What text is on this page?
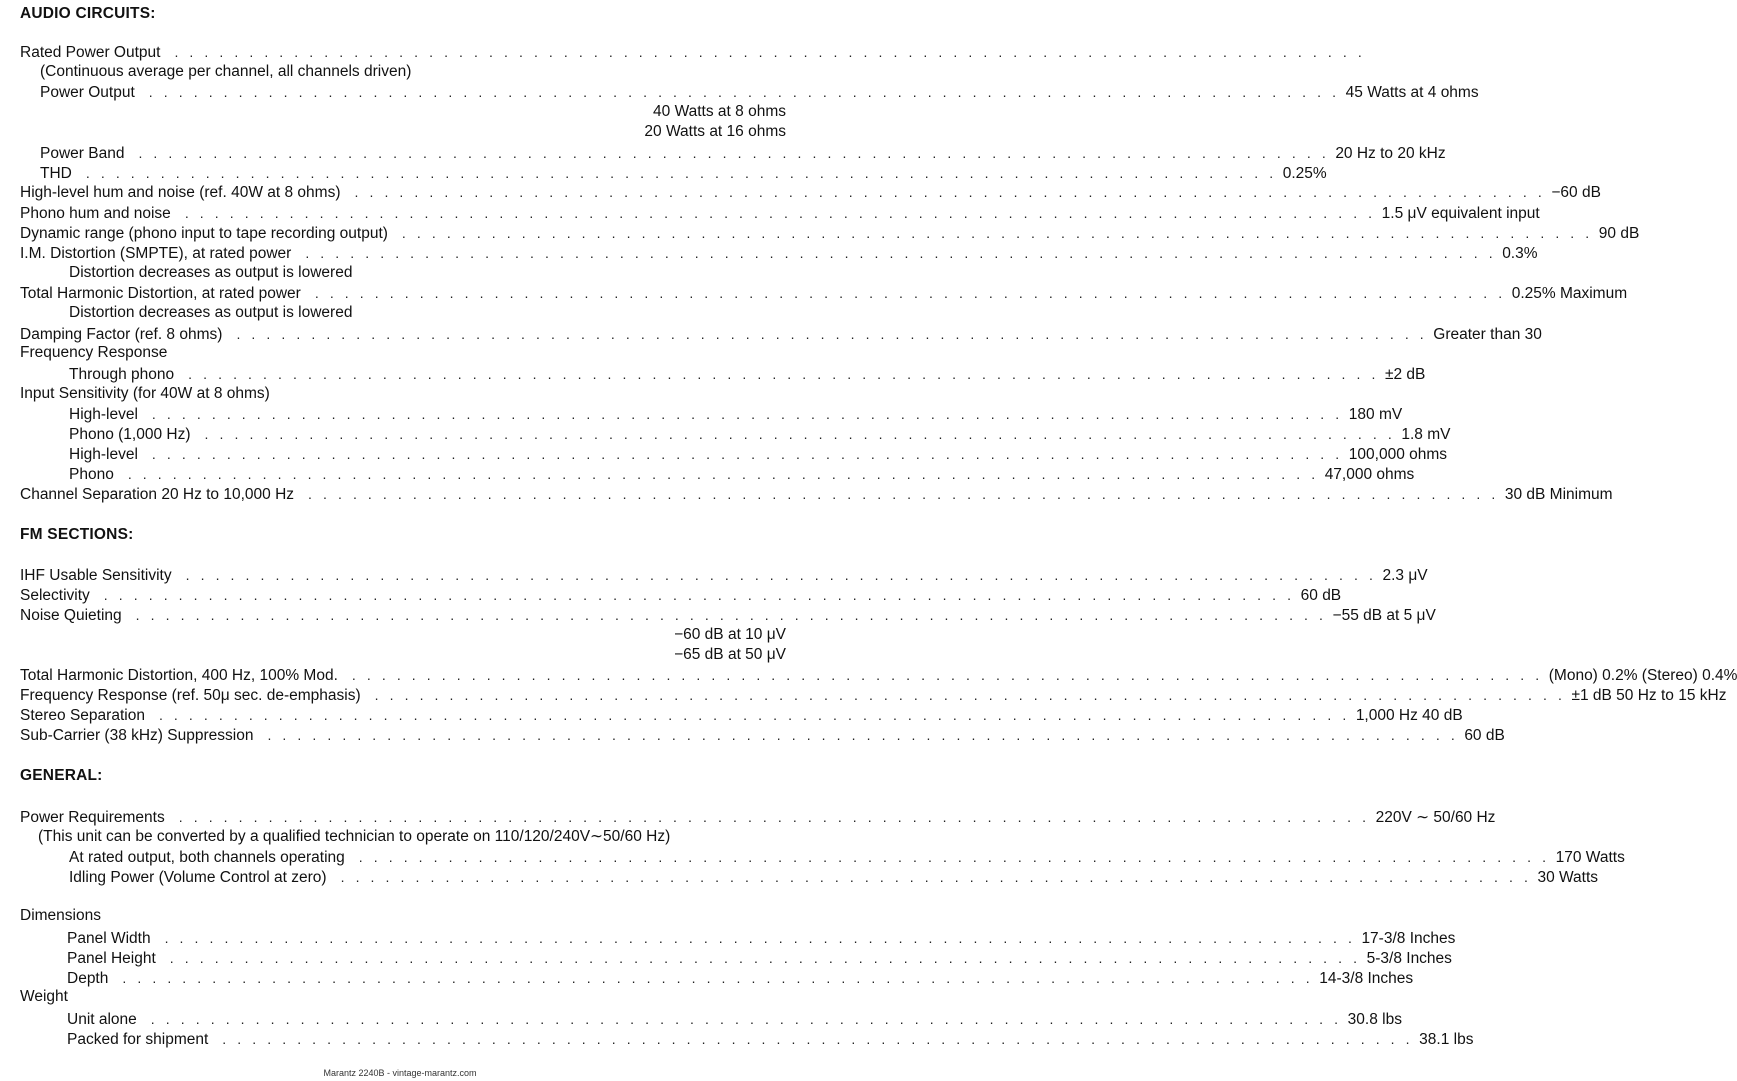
AUDIO CIRCUITS:
Rated Power Output	. . . . . . . . . . . . . . . . . . . . . . . . . . . . . . . . . . . . . . . . . . . . . . . . . . . . . . . . . . . . . . . . . . . . . . . . . . . . . . . .
(Continuous average per channel, all channels driven)
Power Output	. . . . . . . . . . . . . . . . . . . . . . . . . . . . . . . . . . . . . . . . . . . . . . . . . . . . . . . . . . . . . . . . . . . . . . . . . . . . . . . . 45 Watts at 4 ohms
40 Watts at 8 ohms
20 Watts at 16 ohms
Power Band	. . . . . . . . . . . . . . . . . . . . . . . . . . . . . . . . . . . . . . . . . . . . . . . . . . . . . . . . . . . . . . . . . . . . . . . . . . . . . . . . 20 Hz to 20 kHz
THD	. . . . . . . . . . . . . . . . . . . . . . . . . . . . . . . . . . . . . . . . . . . . . . . . . . . . . . . . . . . . . . . . . . . . . . . . . . . . . . . . 0.25%
High-level hum and noise (ref. 40W at 8 ohms)	. . . . . . . . . . . . . . . . . . . . . . . . . . . . . . . . . . . . . . . . . . . . . . . . . . . . . . . . . . . . . . . . . . . . . . . . . . . . . . . . −60 dB
Phono hum and noise	. . . . . . . . . . . . . . . . . . . . . . . . . . . . . . . . . . . . . . . . . . . . . . . . . . . . . . . . . . . . . . . . . . . . . . . . . . . . . . . . 1.5 μV equivalent input
Dynamic range (phono input to tape recording output)	. . . . . . . . . . . . . . . . . . . . . . . . . . . . . . . . . . . . . . . . . . . . . . . . . . . . . . . . . . . . . . . . . . . . . . . . . . . . . . . . 90 dB
I.M. Distortion (SMPTE), at rated power	. . . . . . . . . . . . . . . . . . . . . . . . . . . . . . . . . . . . . . . . . . . . . . . . . . . . . . . . . . . . . . . . . . . . . . . . . . . . . . . . 0.3%
Distortion decreases as output is lowered
Total Harmonic Distortion, at rated power	. . . . . . . . . . . . . . . . . . . . . . . . . . . . . . . . . . . . . . . . . . . . . . . . . . . . . . . . . . . . . . . . . . . . . . . . . . . . . . . . 0.25% Maximum
Distortion decreases as output is lowered
Damping Factor (ref. 8 ohms)	. . . . . . . . . . . . . . . . . . . . . . . . . . . . . . . . . . . . . . . . . . . . . . . . . . . . . . . . . . . . . . . . . . . . . . . . . . . . . . . . Greater than 30
Frequency Response
Through phono	. . . . . . . . . . . . . . . . . . . . . . . . . . . . . . . . . . . . . . . . . . . . . . . . . . . . . . . . . . . . . . . . . . . . . . . . . . . . . . . . ±2 dB
Input Sensitivity (for 40W at 8 ohms)
High-level	. . . . . . . . . . . . . . . . . . . . . . . . . . . . . . . . . . . . . . . . . . . . . . . . . . . . . . . . . . . . . . . . . . . . . . . . . . . . . . . . 180 mV
Phono (1,000 Hz)	. . . . . . . . . . . . . . . . . . . . . . . . . . . . . . . . . . . . . . . . . . . . . . . . . . . . . . . . . . . . . . . . . . . . . . . . . . . . . . . . 1.8 mV
High-level	. . . . . . . . . . . . . . . . . . . . . . . . . . . . . . . . . . . . . . . . . . . . . . . . . . . . . . . . . . . . . . . . . . . . . . . . . . . . . . . . 100,000 ohms
Phono	. . . . . . . . . . . . . . . . . . . . . . . . . . . . . . . . . . . . . . . . . . . . . . . . . . . . . . . . . . . . . . . . . . . . . . . . . . . . . . . . 47,000 ohms
Channel Separation 20 Hz to 10,000 Hz	. . . . . . . . . . . . . . . . . . . . . . . . . . . . . . . . . . . . . . . . . . . . . . . . . . . . . . . . . . . . . . . . . . . . . . . . . . . . . . . . 30 dB Minimum
FM SECTIONS:
IHF Usable Sensitivity	. . . . . . . . . . . . . . . . . . . . . . . . . . . . . . . . . . . . . . . . . . . . . . . . . . . . . . . . . . . . . . . . . . . . . . . . . . . . . . . . 2.3 μV
Selectivity	. . . . . . . . . . . . . . . . . . . . . . . . . . . . . . . . . . . . . . . . . . . . . . . . . . . . . . . . . . . . . . . . . . . . . . . . . . . . . . . . 60 dB
Noise Quieting	. . . . . . . . . . . . . . . . . . . . . . . . . . . . . . . . . . . . . . . . . . . . . . . . . . . . . . . . . . . . . . . . . . . . . . . . . . . . . . . . −55 dB at 5 μV
−60 dB at 10 μV
−65 dB at 50 μV
Total Harmonic Distortion, 400 Hz, 100% Mod.	. . . . . . . . . . . . . . . . . . . . . . . . . . . . . . . . . . . . . . . . . . . . . . . . . . . . . . . . . . . . . . . . . . . . . . . . . . . . . . . . (Mono) 0.2% (Stereo) 0.4%
Frequency Response (ref. 50μ sec. de-emphasis)	. . . . . . . . . . . . . . . . . . . . . . . . . . . . . . . . . . . . . . . . . . . . . . . . . . . . . . . . . . . . . . . . . . . . . . . . . . . . . . . . ±1 dB 50 Hz to 15 kHz
Stereo Separation	. . . . . . . . . . . . . . . . . . . . . . . . . . . . . . . . . . . . . . . . . . . . . . . . . . . . . . . . . . . . . . . . . . . . . . . . . . . . . . . . 1,000 Hz 40 dB
Sub-Carrier (38 kHz) Suppression	. . . . . . . . . . . . . . . . . . . . . . . . . . . . . . . . . . . . . . . . . . . . . . . . . . . . . . . . . . . . . . . . . . . . . . . . . . . . . . . . 60 dB
GENERAL:
Power Requirements	. . . . . . . . . . . . . . . . . . . . . . . . . . . . . . . . . . . . . . . . . . . . . . . . . . . . . . . . . . . . . . . . . . . . . . . . . . . . . . . . 220V ∼ 50/60 Hz
(This unit can be converted by a qualified technician to operate on 110/120/240V∼50/60 Hz)
At rated output, both channels operating	. . . . . . . . . . . . . . . . . . . . . . . . . . . . . . . . . . . . . . . . . . . . . . . . . . . . . . . . . . . . . . . . . . . . . . . . . . . . . . . . 170 Watts
Idling Power (Volume Control at zero)	. . . . . . . . . . . . . . . . . . . . . . . . . . . . . . . . . . . . . . . . . . . . . . . . . . . . . . . . . . . . . . . . . . . . . . . . . . . . . . . . 30 Watts
Dimensions
Panel Width	. . . . . . . . . . . . . . . . . . . . . . . . . . . . . . . . . . . . . . . . . . . . . . . . . . . . . . . . . . . . . . . . . . . . . . . . . . . . . . . . 17-3/8 Inches
Panel Height	. . . . . . . . . . . . . . . . . . . . . . . . . . . . . . . . . . . . . . . . . . . . . . . . . . . . . . . . . . . . . . . . . . . . . . . . . . . . . . . . 5-3/8 Inches
Depth	. . . . . . . . . . . . . . . . . . . . . . . . . . . . . . . . . . . . . . . . . . . . . . . . . . . . . . . . . . . . . . . . . . . . . . . . . . . . . . . . 14-3/8 Inches
Weight
Unit alone	. . . . . . . . . . . . . . . . . . . . . . . . . . . . . . . . . . . . . . . . . . . . . . . . . . . . . . . . . . . . . . . . . . . . . . . . . . . . . . . . 30.8 lbs
Packed for shipment	. . . . . . . . . . . . . . . . . . . . . . . . . . . . . . . . . . . . . . . . . . . . . . . . . . . . . . . . . . . . . . . . . . . . . . . . . . . . . . . . 38.1 lbs
Marantz 2240B - vintage-marantz.com
